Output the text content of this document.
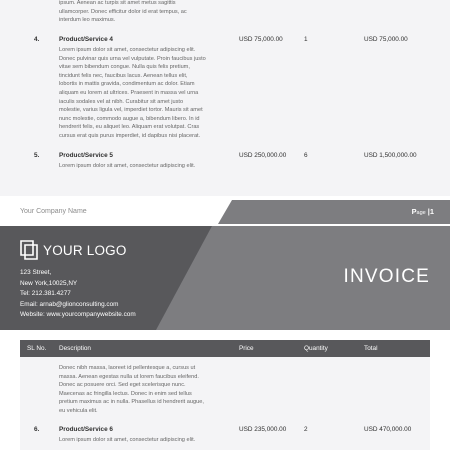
ipsum. Aenean ac turpis sit amet metus sagittis
ullamcorper. Donec efficitur dolor id erat tempus, ac
interdum leo maximus.
4.	Product/Service 4	USD 75,000.00	1	USD 75,000.00
Lorem ipsum dolor sit amet, consectetur adipiscing elit.
Donec pulvinar quis urna vel vulputate. Proin faucibus justo
vitae sem bibendum congue. Nulla quis felis pretium,
tincidunt felis nec, faucibus lacus. Aenean tellus elit,
lobortis in mattis gravida, condimentum ac dolor. Etiam
aliquam eu lorem at ultrices. Praesent in massa vel urna
iaculis sodales vel at nibh. Curabitur sit amet justo
molestie, varius ligula vel, imperdiet tortor. Mauris sit amet
nunc molestie, commodo augue a, bibendum libero. In id
hendrerit felis, eu aliquet leo. Aliquam erat volutpat. Cras
cursus erat quis purus imperdiet, id dapibus nisi placerat.
5.	Product/Service 5	USD 250,000.00	6	USD 1,500,000.00
Lorem ipsum dolor sit amet, consectetur adipiscing elit.
Your Company Name	Page |1
YOUR LOGO
123 Street,
New York,10025,NY
Tel: 212.381.4277
Email: arnab@glionconsulting.com
Website: www.yourcompanywebsite.com
INVOICE
SL No. Description	Price	Quantity	Total
Donec nibh massa, laoreet id pellentesque a, cursus ut
massa. Aenean egestas nulla ut lorem faucibus eleifend.
Donec ac posuere orci. Sed eget scelerisque nunc.
Maecenas ac fringilla lectus. Donec in enim sed tellus
pretium maximus ac in nulla. Phasellus id hendrerit augue,
eu vehicula elit.
6.	Product/Service 6	USD 235,000.00	2	USD 470,000.00
Lorem ipsum dolor sit amet, consectetur adipiscing elit.
